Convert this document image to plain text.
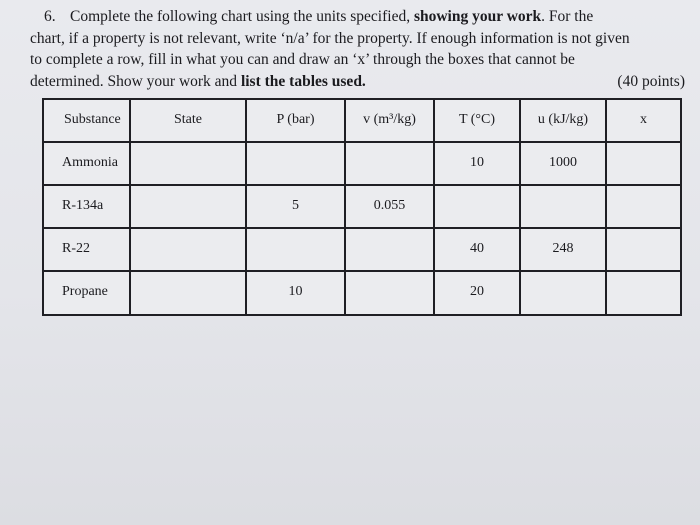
6. Complete the following chart using the units specified, showing your work. For the
chart, if a property is not relevant, write ‘n/a’ for the property. If enough information is not given
to complete a row, fill in what you can and draw an ‘x’ through the boxes that cannot be
determined. Show your work and list the tables used.	(40 points)
Substance	State	P (bar)	v (m³/kg)	T (°C)	u (kJ/kg)	x
Ammonia				10	1000	
R-134a		5	0.055			
R-22				40	248	
Propane		10		20		
